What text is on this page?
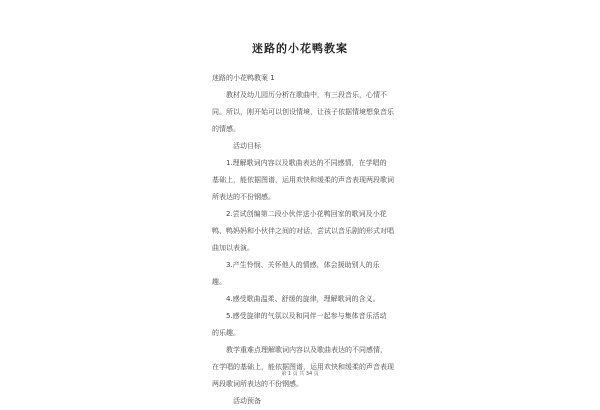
迷路的小花鸭教案
迷路的小花鸭教案 1
教材及幼儿园历分析在歌曲中，有三段音乐，心情不
同。所以，刚开始可以创设情境，让孩子依据情境想象音乐
的情感。
活动目标
1.理解歌词内容以及歌曲表达的不同感情，在学唱的
基础上，能依据图谱，运用欢快和缓柔的声音表现两段歌词
所表达的不份钢感。
2.尝试创编第二段小伙伴送小花鸭回家的歌词及小花
鸭、鸭妈妈和小伙伴之间的对话，尝试以音乐剧的形式对唱
曲加以表演。
3.产生怜悯、关怀他人的情感，体会援助别人的乐
趣。
4.感受歌曲温柔、舒缓的旋律，理解歌词的含义。
5.感受旋律的气氛以及和同伴一起参与集体音乐活动
的乐趣。
教学重难点理解歌词内容以及歌曲表达的不同感情，
在学唱的基础上，能依据图谱，运用欢快和缓柔的声音表现
两段歌词所表达的不份钢感。
活动预备
第 1 页 共 34 页
